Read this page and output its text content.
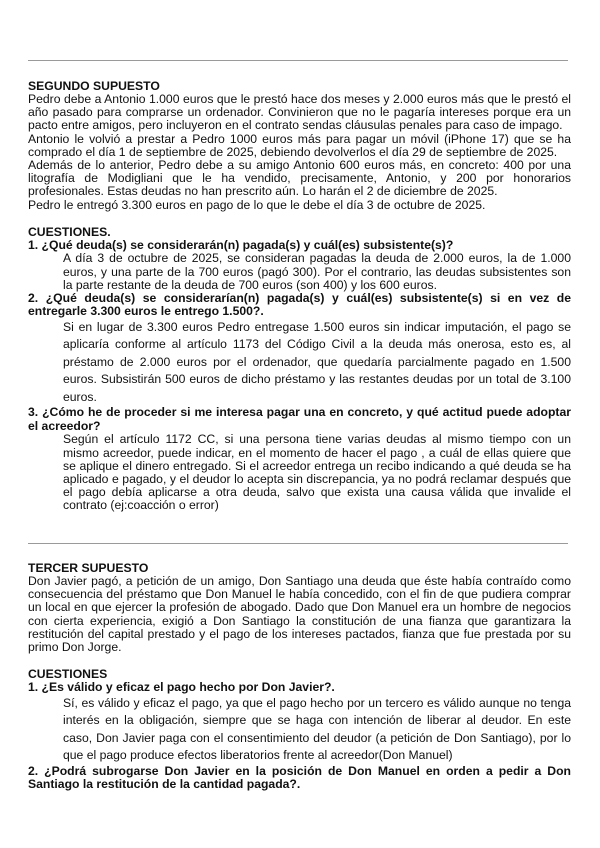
SEGUNDO SUPUESTO
Pedro debe a Antonio 1.000 euros que le prestó hace dos meses y 2.000 euros más que le prestó el año pasado para comprarse un ordenador. Convinieron que no le pagaría intereses porque era un pacto entre amigos, pero incluyeron en el contrato sendas cláusulas penales para caso de impago.
Antonio le volvió a prestar a Pedro 1000 euros más para pagar un móvil (iPhone 17) que se ha comprado el día 1 de septiembre de 2025, debiendo devolverlos el día 29 de septiembre de 2025.
Además de lo anterior, Pedro debe a su amigo Antonio 600 euros más, en concreto: 400 por una litografía de Modigliani que le ha vendido, precisamente, Antonio, y 200 por honorarios profesionales. Estas deudas no han prescrito aún. Lo harán el 2 de diciembre de 2025.
Pedro le entregó 3.300 euros en pago de lo que le debe el día 3 de octubre de 2025.
CUESTIONES.

1. ¿Qué deuda(s) se considerarán(n) pagada(s) y cuál(es) subsistente(s)?

A día 3 de octubre de 2025, se consideran pagadas la deuda de 2.000 euros, la de 1.000 euros, y una parte de la 700 euros (pagó 300). Por el contrario, las deudas subsistentes son la parte restante de la deuda de 700 euros (son 400) y los 600 euros.

2. ¿Qué deuda(s) se considerarían(n) pagada(s) y cuál(es) subsistente(s) si en vez de entregarle 3.300 euros le entrego 1.500?.

Si en lugar de 3.300 euros Pedro entregase 1.500 euros sin indicar imputación, el pago se aplicaría conforme al artículo 1173 del Código Civil a la deuda más onerosa, esto es, al préstamo de 2.000 euros por el ordenador, que quedaría parcialmente pagado en 1.500 euros. Subsistirán 500 euros de dicho préstamo y las restantes deudas por un total de 3.100 euros.

3. ¿Cómo he de proceder si me interesa pagar una en concreto, y qué actitud puede adoptar el acreedor?

Según el artículo 1172 CC, si una persona tiene varias deudas al mismo tiempo con un mismo acreedor, puede indicar, en el momento de hacer el pago , a cuál de ellas quiere que se aplique el dinero entregado. Si el acreedor entrega un recibo indicando a qué deuda se ha aplicado e pagado, y el deudor lo acepta sin discrepancia, ya no podrá reclamar después que el pago debía aplicarse a otra deuda, salvo que exista una causa válida que invalide el contrato (ej:coacción o error)

TERCER SUPUESTO
Don Javier pagó, a petición de un amigo, Don Santiago una deuda que éste había contraído como consecuencia del préstamo que Don Manuel le había concedido, con el fin de que pudiera comprar un local en que ejercer la profesión de abogado. Dado que Don Manuel era un hombre de negocios con cierta experiencia, exigió a Don Santiago la constitución de una fianza que garantizara la restitución del capital prestado y el pago de los intereses pactados, fianza que fue prestada por su primo Don Jorge.
CUESTIONES

1. ¿Es válido y eficaz el pago hecho por Don Javier?.

Sí, es válido y eficaz el pago, ya que el pago hecho por un tercero es válido aunque no tenga interés en la obligación, siempre que se haga con intención de liberar al deudor. En este caso, Don Javier paga con el consentimiento del deudor (a petición de Don Santiago), por lo que el pago produce efectos liberatorios frente al acreedor(Don Manuel)

2. ¿Podrá subrogarse Don Javier en la posición de Don Manuel en orden a pedir a Don Santiago la restitución de la cantidad pagada?.
